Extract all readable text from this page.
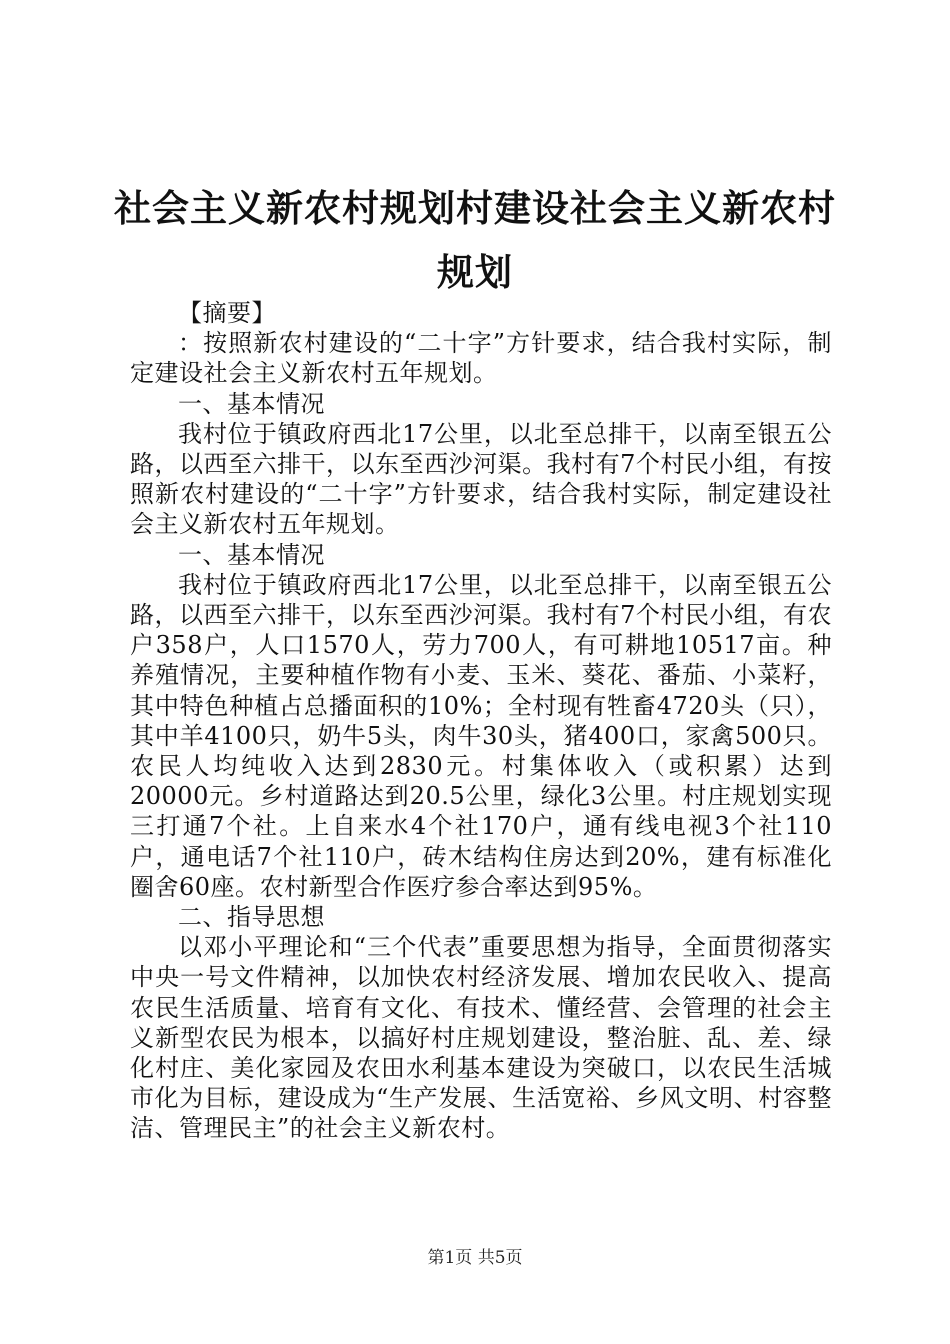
社会主义新农村规划村建设社会主义新农村规划

【摘要】

：按照新农村建设的“二十字”方针要求，结合我村实际，制定建设社会主义新农村五年规划。

一、基本情况

我村位于镇政府西北17公里，以北至总排干，以南至银五公路，以西至六排干，以东至西沙河渠。我村有7个村民小组，有按照新农村建设的“二十字”方针要求，结合我村实际，制定建设社会主义新农村五年规划。

一、基本情况

我村位于镇政府西北17公里，以北至总排干，以南至银五公路，以西至六排干，以东至西沙河渠。我村有7个村民小组，有农户358户，人口1570人，劳力700人，有可耕地10517亩。种养殖情况，主要种植作物有小麦、玉米、葵花、番茄、小菜籽，其中特色种植占总播面积的10%；全村现有牲畜4720头（只），其中羊4100只，奶牛5头，肉牛30头，猪400口，家禽500只。农民人均纯收入达到2830元。村集体收入（或积累）达到20000元。乡村道路达到20.5公里，绿化3公里。村庄规划实现三打通7个社。上自来水4个社170户，通有线电视3个社110户，通电话7个社110户，砖木结构住房达到20%，建有标准化圈舍60座。农村新型合作医疗参合率达到95%。

二、指导思想

以邓小平理论和“三个代表”重要思想为指导，全面贯彻落实中央一号文件精神，以加快农村经济发展、增加农民收入、提高农民生活质量、培育有文化、有技术、懂经营、会管理的社会主义新型农民为根本，以搞好村庄规划建设，整治脏、乱、差、绿化村庄、美化家园及农田水利基本建设为突破口，以农民生活城市化为目标，建设成为“生产发展、生活宽裕、乡风文明、村容整洁、管理民主”的社会主义新农村。

第1页 共5页
